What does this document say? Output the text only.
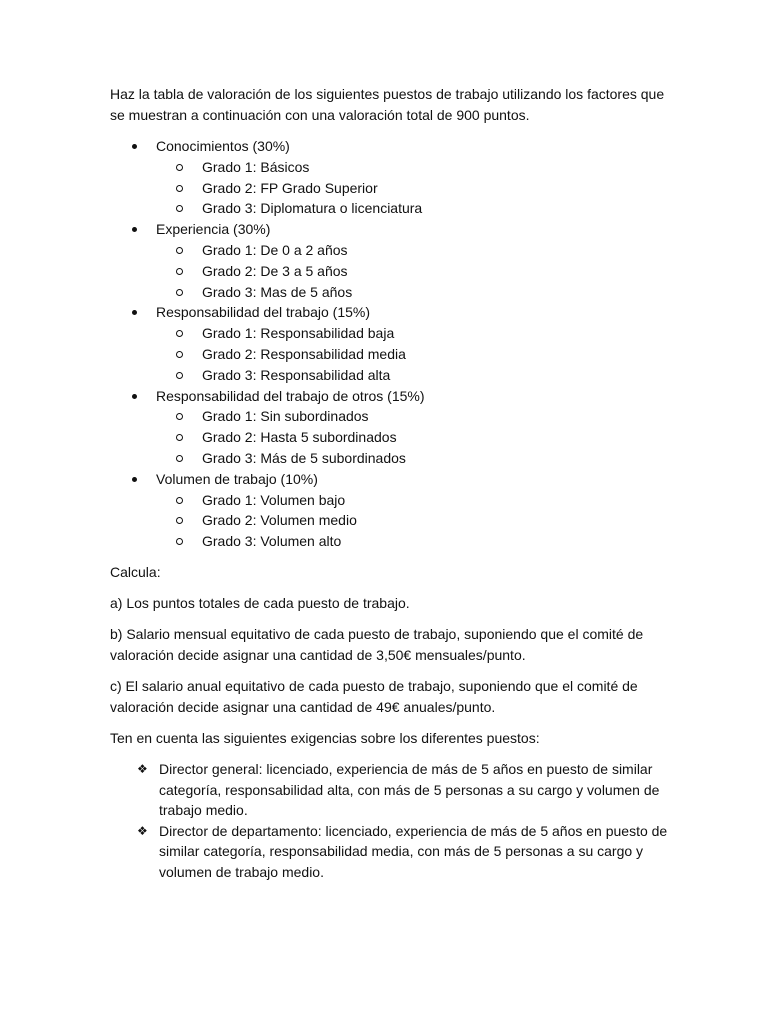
Haz la tabla de valoración de los siguientes puestos de trabajo utilizando los factores que se muestran a continuación con una valoración total de 900 puntos.

Conocimientos (30%)
Grado 1: Básicos
Grado 2: FP Grado Superior
Grado 3: Diplomatura o licenciatura
Experiencia (30%)
Grado 1: De 0 a 2 años
Grado 2: De 3 a 5 años
Grado 3: Mas de 5 años
Responsabilidad del trabajo (15%)
Grado 1: Responsabilidad baja
Grado 2: Responsabilidad media
Grado 3: Responsabilidad alta
Responsabilidad del trabajo de otros (15%)
Grado 1: Sin subordinados
Grado 2: Hasta 5 subordinados
Grado 3: Más de 5 subordinados
Volumen de trabajo (10%)
Grado 1: Volumen bajo
Grado 2: Volumen medio
Grado 3: Volumen alto

Calcula:

a) Los puntos totales de cada puesto de trabajo.

b) Salario mensual equitativo de cada puesto de trabajo, suponiendo que el comité de valoración decide asignar una cantidad de 3,50€ mensuales/punto.

c) El salario anual equitativo de cada puesto de trabajo, suponiendo que el comité de valoración decide asignar una cantidad de 49€ anuales/punto.

Ten en cuenta las siguientes exigencias sobre los diferentes puestos:

❖ Director general: licenciado, experiencia de más de 5 años en puesto de similar categoría, responsabilidad alta, con más de 5 personas a su cargo y volumen de trabajo medio.
❖ Director de departamento: licenciado, experiencia de más de 5 años en puesto de similar categoría, responsabilidad media, con más de 5 personas a su cargo y volumen de trabajo medio.
